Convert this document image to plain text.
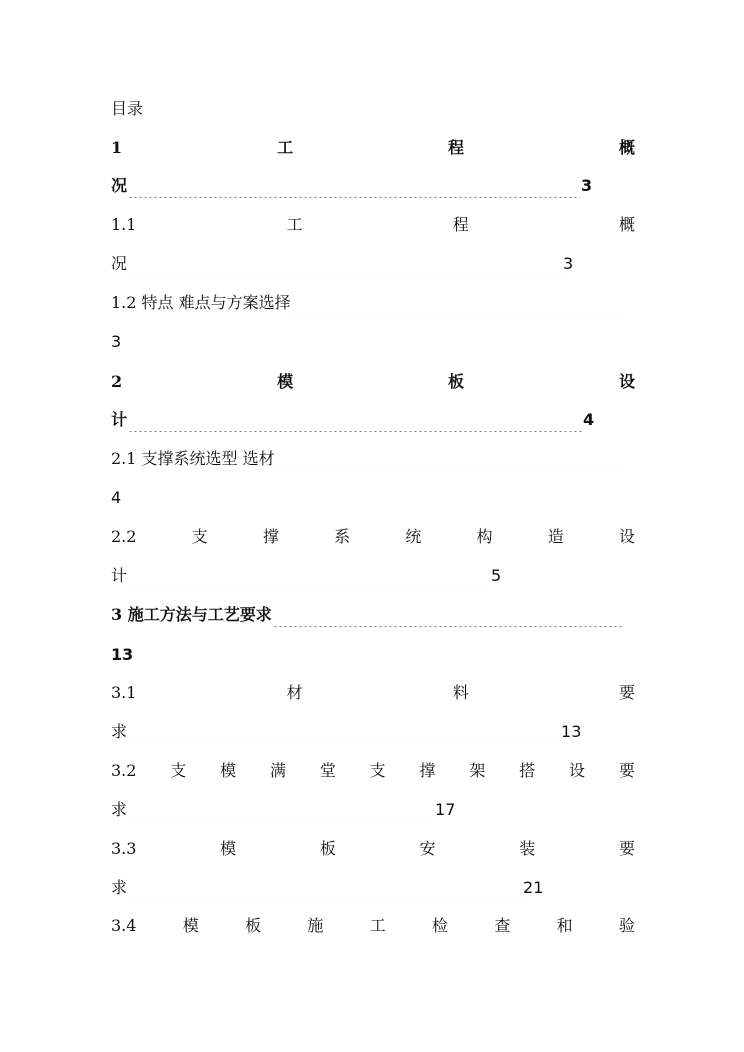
目录
1	工	程	概
况	3
1.1	工	程	概
况	3
1.2 特点 难点与方案选择
3
2	模	板	设
计	4
2.1 支撑系统选型 选材
4
2.2	支	撑	系	统	构	造	设
计	5
3 施工方法与工艺要求
13
3.1	材	料	要
求	13
3.2 支 模 满 堂 支 撑 架 搭 设 要
求	17
3.3	模	板	安	装	要
求	21
3.4	模	板	施	工	检	查	和	验
